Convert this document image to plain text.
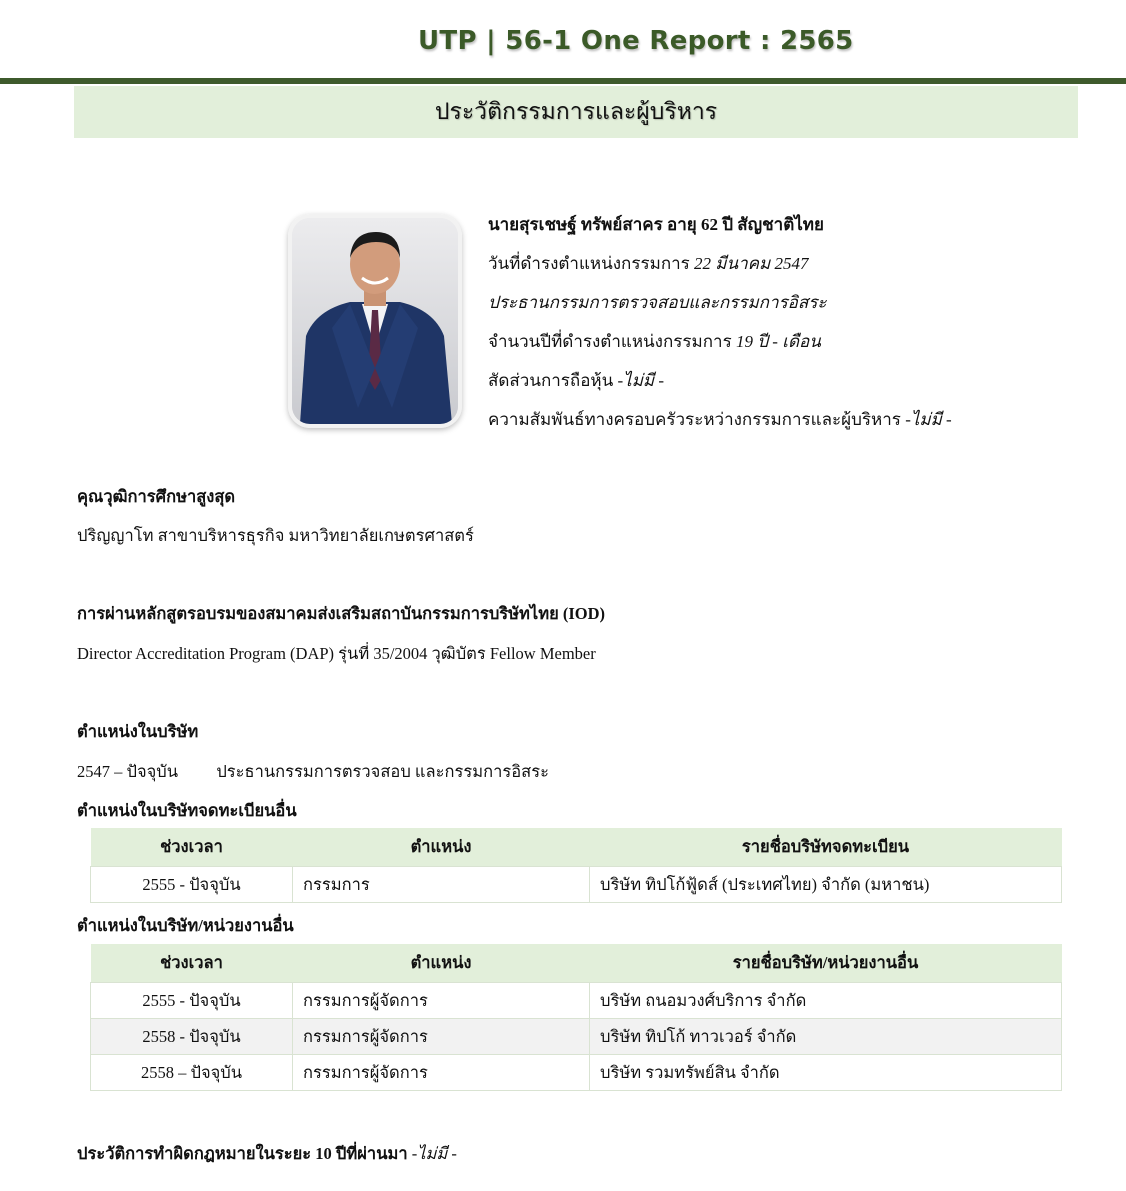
UTP | 56-1 One Report : 2565
ประวัติกรรมการและผู้บริหาร
นายสุรเชษฐ์ ทรัพย์สาคร อายุ 62 ปี สัญชาติไทย
วันที่ดำรงตำแหน่งกรรมการ 22 มีนาคม 2547
ประธานกรรมการตรวจสอบและกรรมการอิสระ
จำนวนปีที่ดำรงตำแหน่งกรรมการ 19 ปี - เดือน
สัดส่วนการถือหุ้น -ไม่มี -
ความสัมพันธ์ทางครอบครัวระหว่างกรรมการและผู้บริหาร -ไม่มี -
คุณวุฒิการศึกษาสูงสุด
ปริญญาโท สาขาบริหารธุรกิจ มหาวิทยาลัยเกษตรศาสตร์
การผ่านหลักสูตรอบรมของสมาคมส่งเสริมสถาบันกรรมการบริษัทไทย (IOD)
Director Accreditation Program (DAP) รุ่นที่ 35/2004 วุฒิบัตร Fellow Member
ตำแหน่งในบริษัท
2547 – ปัจจุบัน ประธานกรรมการตรวจสอบ และกรรมการอิสระ
ตำแหน่งในบริษัทจดทะเบียนอื่น
ช่วงเวลา	ตำแหน่ง	รายชื่อบริษัทจดทะเบียน
2555 - ปัจจุบัน	กรรมการ	บริษัท ทิปโก้ฟู้ดส์ (ประเทศไทย) จำกัด (มหาชน)
ตำแหน่งในบริษัท/หน่วยงานอื่น
ช่วงเวลา	ตำแหน่ง	รายชื่อบริษัท/หน่วยงานอื่น
2555 - ปัจจุบัน	กรรมการผู้จัดการ	บริษัท ถนอมวงศ์บริการ จำกัด
2558 - ปัจจุบัน	กรรมการผู้จัดการ	บริษัท ทิปโก้ ทาวเวอร์ จำกัด
2558 – ปัจจุบัน	กรรมการผู้จัดการ	บริษัท รวมทรัพย์สิน จำกัด
ประวัติการทำผิดกฎหมายในระยะ 10 ปีที่ผ่านมา -ไม่มี -
